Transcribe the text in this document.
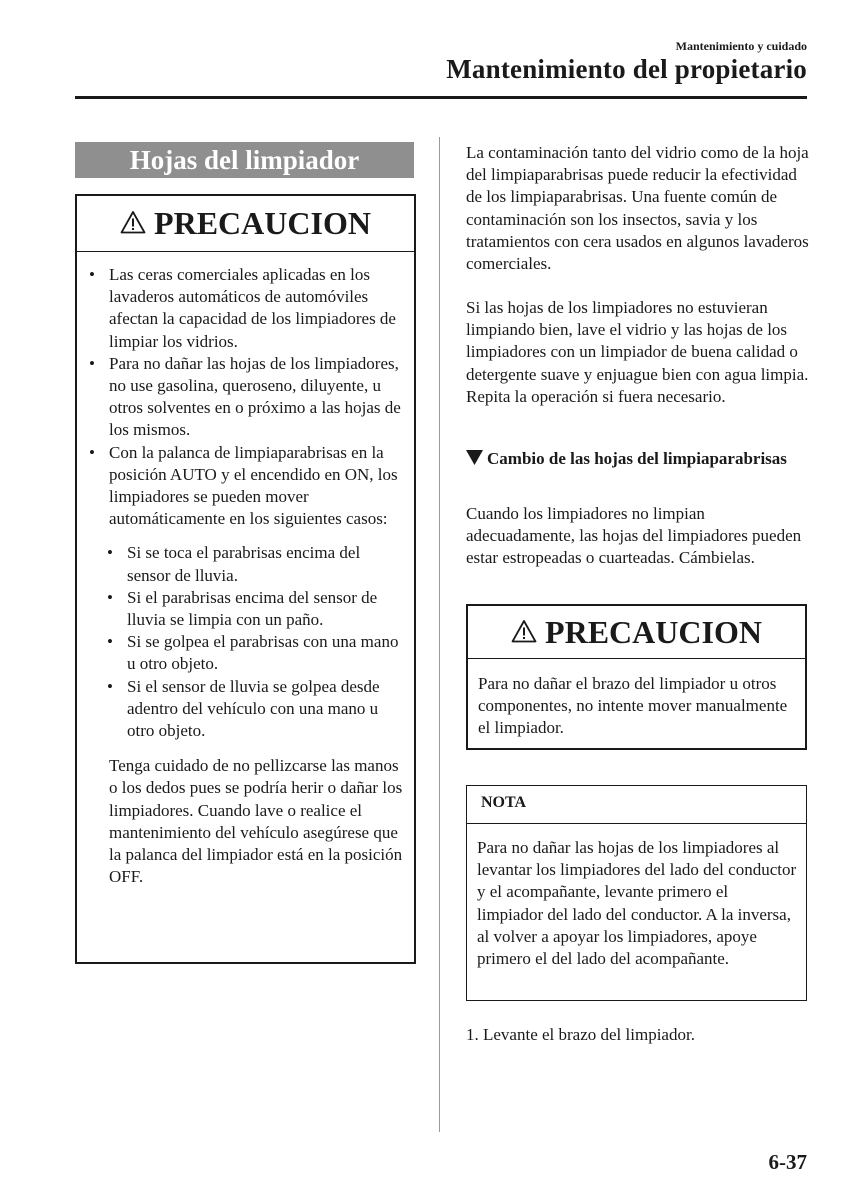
Mantenimiento y cuidado
Mantenimiento del propietario
Hojas del limpiador
PRECAUCION
• Las ceras comerciales aplicadas en los lavaderos automáticos de automóviles afectan la capacidad de los limpiadores de limpiar los vidrios.
• Para no dañar las hojas de los limpiadores, no use gasolina, queroseno, diluyente, u otros solventes en o próximo a las hojas de los mismos.
• Con la palanca de limpiaparabrisas en la posición AUTO y el encendido en ON, los limpiadores se pueden mover automáticamente en los siguientes casos:
• Si se toca el parabrisas encima del sensor de lluvia.
• Si el parabrisas encima del sensor de lluvia se limpia con un paño.
• Si se golpea el parabrisas con una mano u otro objeto.
• Si el sensor de lluvia se golpea desde adentro del vehículo con una mano u otro objeto.
Tenga cuidado de no pellizcarse las manos o los dedos pues se podría herir o dañar los limpiadores. Cuando lave o realice el mantenimiento del vehículo asegúrese que la palanca del limpiador está en la posición OFF.
La contaminación tanto del vidrio como de la hoja del limpiaparabrisas puede reducir la efectividad de los limpiaparabrisas. Una fuente común de contaminación son los insectos, savia y los tratamientos con cera usados en algunos lavaderos comerciales.
Si las hojas de los limpiadores no estuvieran limpiando bien, lave el vidrio y las hojas de los limpiadores con un limpiador de buena calidad o detergente suave y enjuague bien con agua limpia. Repita la operación si fuera necesario.
Cambio de las hojas del limpiaparabrisas
Cuando los limpiadores no limpian adecuadamente, las hojas del limpiadores pueden estar estropeadas o cuarteadas. Cámbielas.
PRECAUCION
Para no dañar el brazo del limpiador u otros componentes, no intente mover manualmente el limpiador.
NOTA
Para no dañar las hojas de los limpiadores al levantar los limpiadores del lado del conductor y el acompañante, levante primero el limpiador del lado del conductor. A la inversa, al volver a apoyar los limpiadores, apoye primero el del lado del acompañante.
1. Levante el brazo del limpiador.
6-37
